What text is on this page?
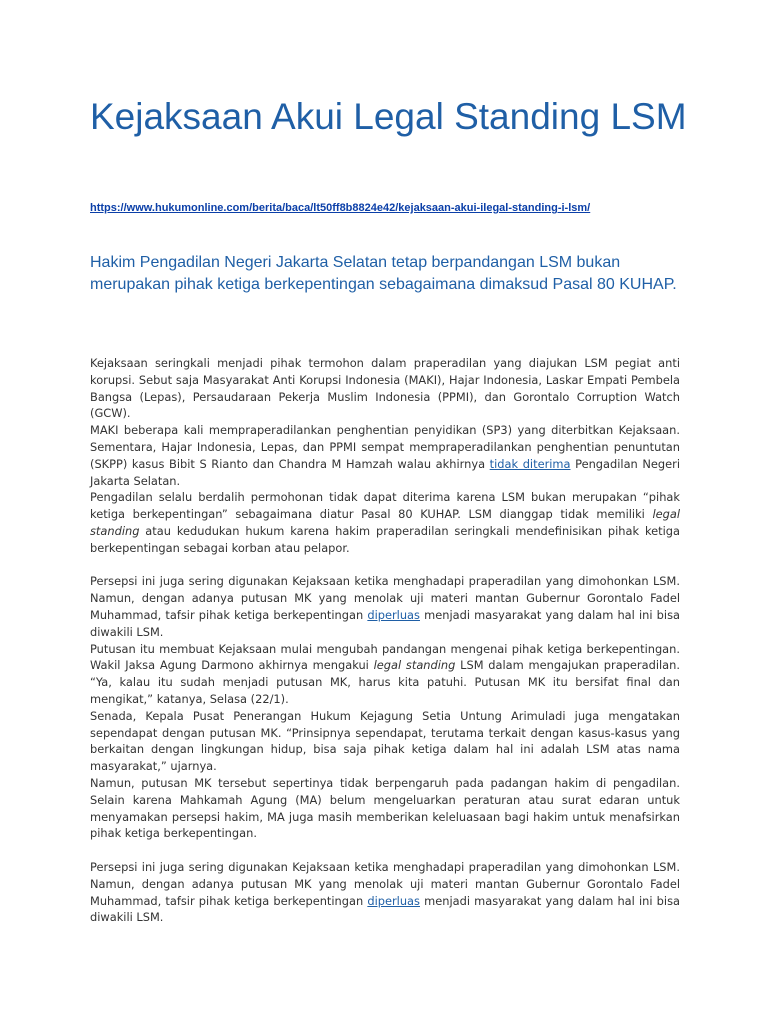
Kejaksaan Akui Legal Standing LSM
https://www.hukumonline.com/berita/baca/lt50ff8b8824e42/kejaksaan-akui-ilegal-standing-i-lsm/

Hakim Pengadilan Negeri Jakarta Selatan tetap berpandangan LSM bukan merupakan pihak ketiga berkepentingan sebagaimana dimaksud Pasal 80 KUHAP.

Kejaksaan seringkali menjadi pihak termohon dalam praperadilan yang diajukan LSM pegiat anti korupsi. Sebut saja Masyarakat Anti Korupsi Indonesia (MAKI), Hajar Indonesia, Laskar Empati Pembela Bangsa (Lepas), Persaudaraan Pekerja Muslim Indonesia (PPMI), dan Gorontalo Corruption Watch (GCW).

MAKI beberapa kali mempraperadilankan penghentian penyidikan (SP3) yang diterbitkan Kejaksaan. Sementara, Hajar Indonesia, Lepas, dan PPMI sempat mempraperadilankan penghentian penuntutan (SKPP) kasus Bibit S Rianto dan Chandra M Hamzah walau akhirnya tidak diterima Pengadilan Negeri Jakarta Selatan.

Pengadilan selalu berdalih permohonan tidak dapat diterima karena LSM bukan merupakan “pihak ketiga berkepentingan” sebagaimana diatur Pasal 80 KUHAP. LSM dianggap tidak memiliki legal standing atau kedudukan hukum karena hakim praperadilan seringkali mendefinisikan pihak ketiga berkepentingan sebagai korban atau pelapor.

Persepsi ini juga sering digunakan Kejaksaan ketika menghadapi praperadilan yang dimohonkan LSM. Namun, dengan adanya putusan MK yang menolak uji materi mantan Gubernur Gorontalo Fadel Muhammad, tafsir pihak ketiga berkepentingan diperluas menjadi masyarakat yang dalam hal ini bisa diwakili LSM.

Putusan itu membuat Kejaksaan mulai mengubah pandangan mengenai pihak ketiga berkepentingan. Wakil Jaksa Agung Darmono akhirnya mengakui legal standing LSM dalam mengajukan praperadilan. “Ya, kalau itu sudah menjadi putusan MK, harus kita patuhi. Putusan MK itu bersifat final dan mengikat,” katanya, Selasa (22/1).

Senada, Kepala Pusat Penerangan Hukum Kejagung Setia Untung Arimuladi juga mengatakan sependapat dengan putusan MK. “Prinsipnya sependapat, terutama terkait dengan kasus-kasus yang berkaitan dengan lingkungan hidup, bisa saja pihak ketiga dalam hal ini adalah LSM atas nama masyarakat,” ujarnya.

Namun, putusan MK tersebut sepertinya tidak berpengaruh pada padangan hakim di pengadilan. Selain karena Mahkamah Agung (MA) belum mengeluarkan peraturan atau surat edaran untuk menyamakan persepsi hakim, MA juga masih memberikan keleluasaan bagi hakim untuk menafsirkan pihak ketiga berkepentingan.

Persepsi ini juga sering digunakan Kejaksaan ketika menghadapi praperadilan yang dimohonkan LSM. Namun, dengan adanya putusan MK yang menolak uji materi mantan Gubernur Gorontalo Fadel Muhammad, tafsir pihak ketiga berkepentingan diperluas menjadi masyarakat yang dalam hal ini bisa diwakili LSM.
